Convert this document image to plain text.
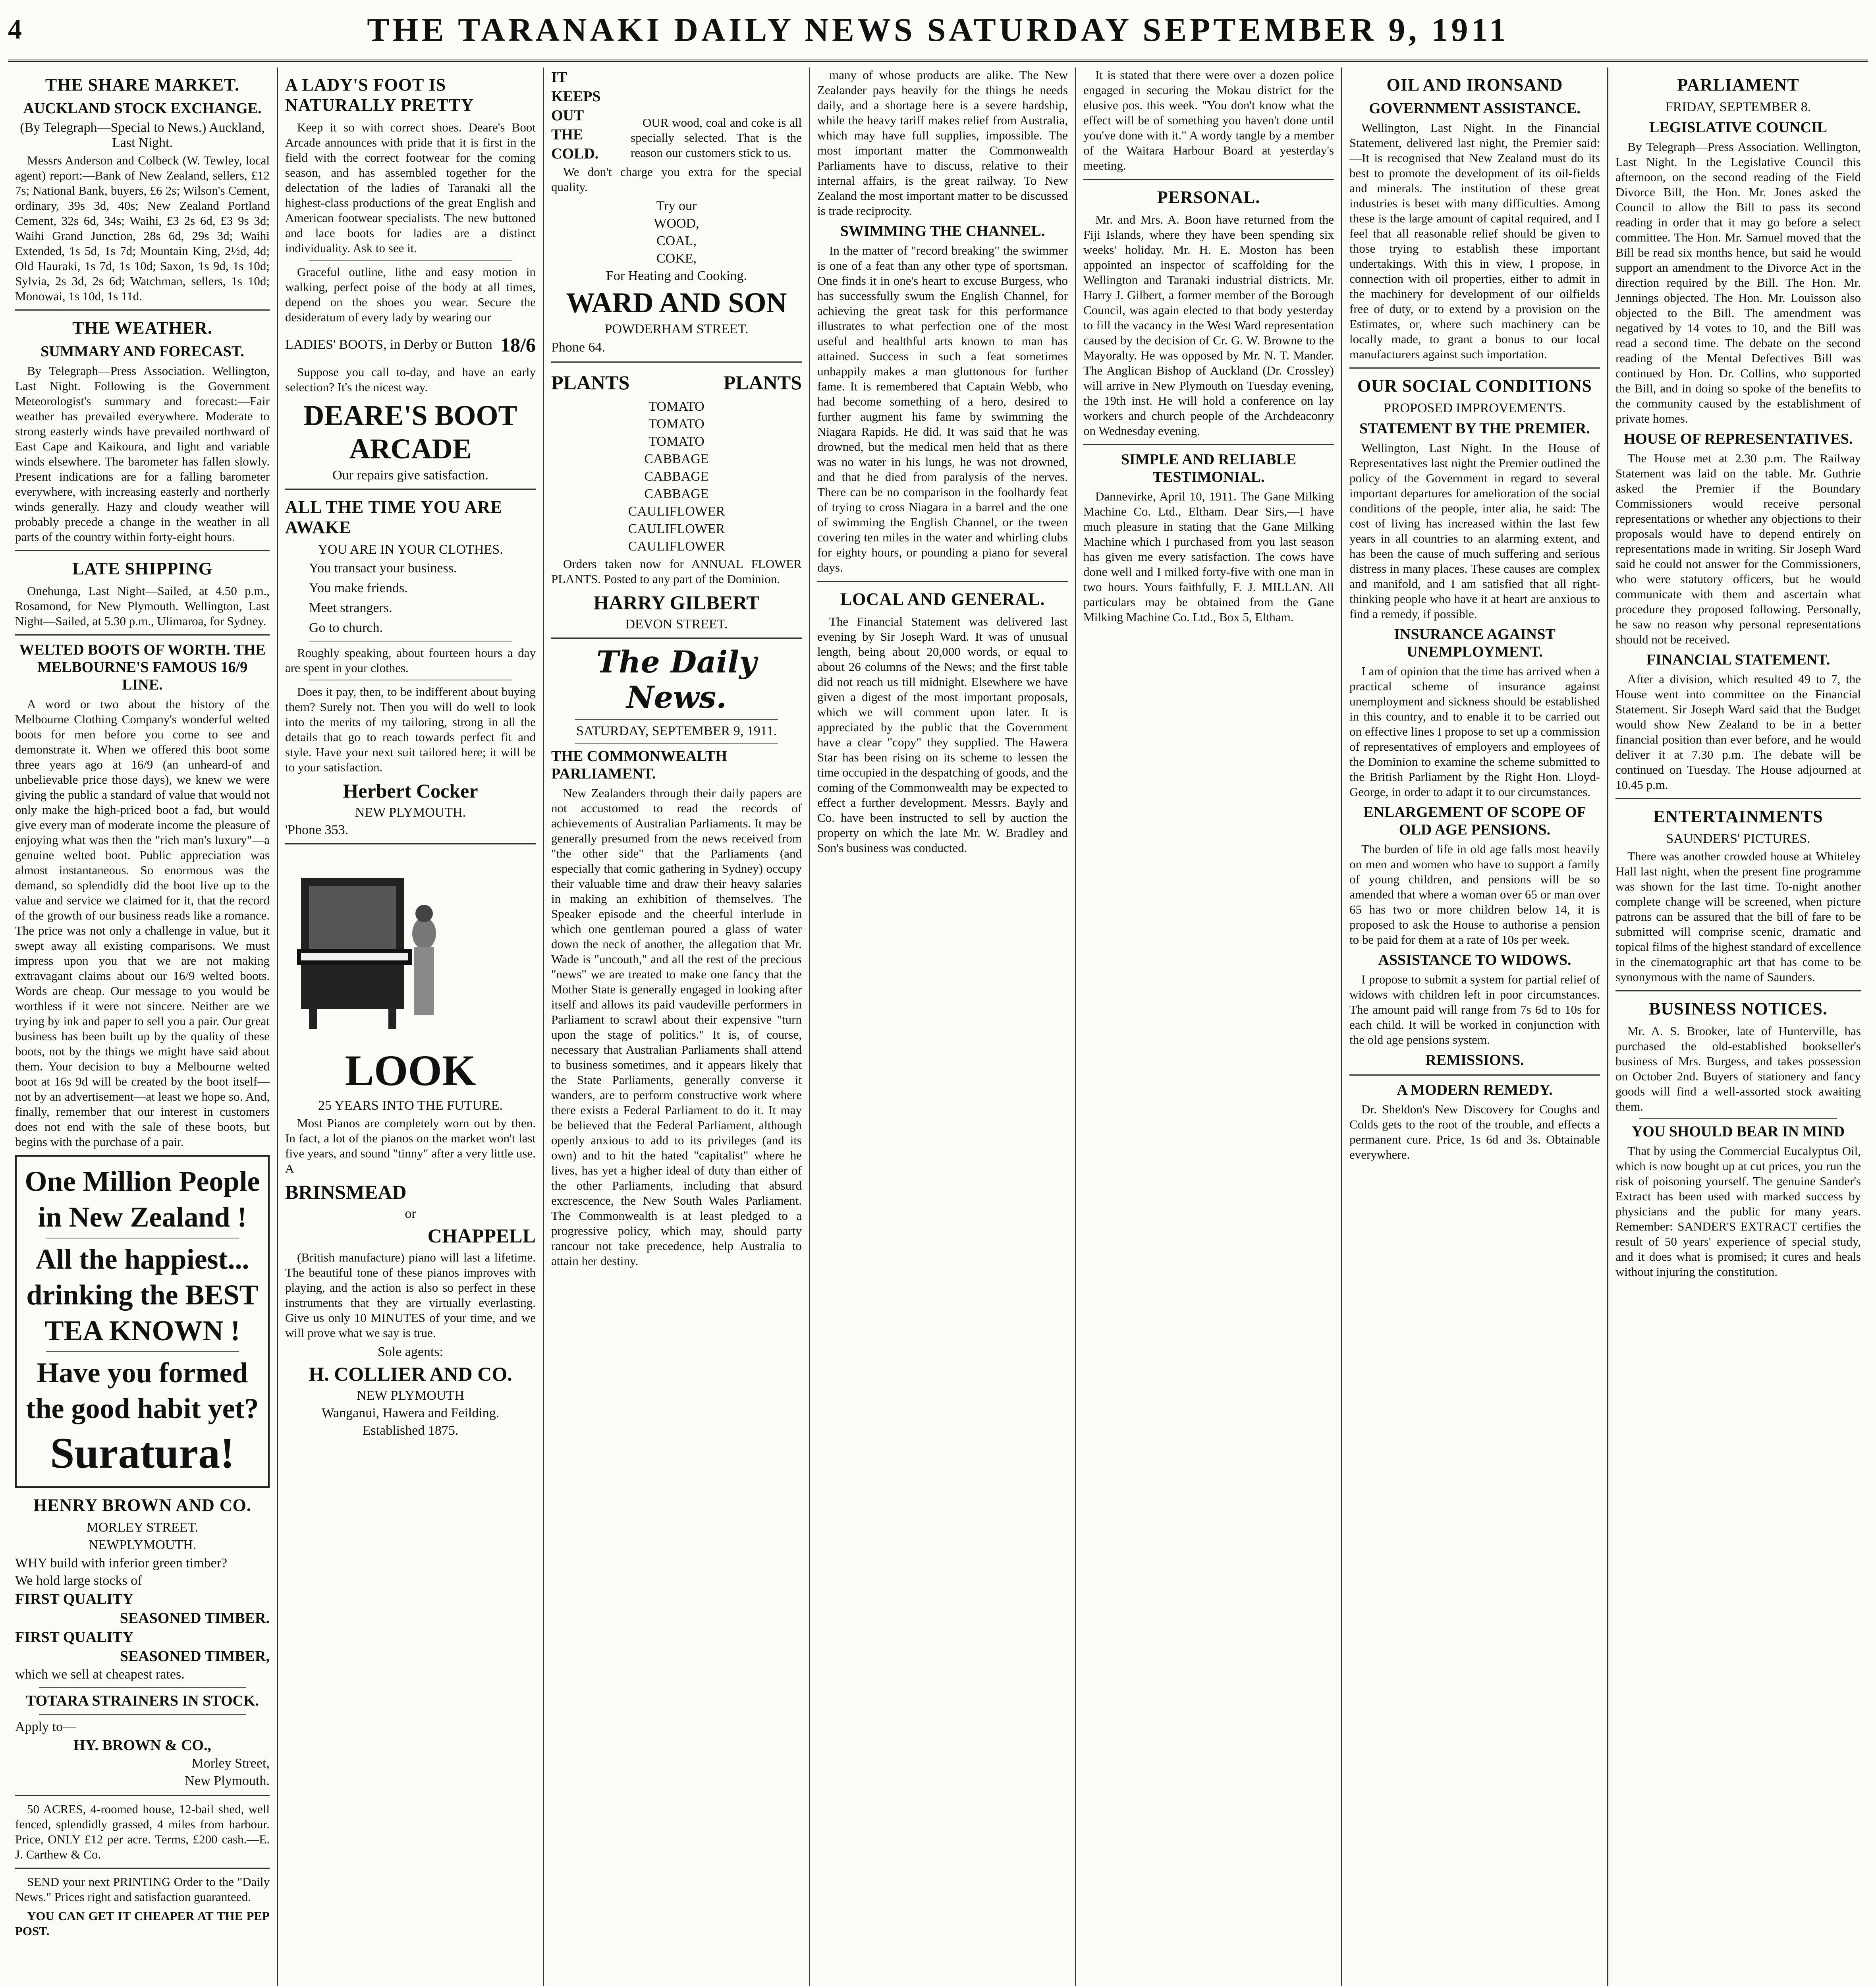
4	THE TARANAKI DAILY NEWS SATURDAY SEPTEMBER 9, 1911
THE SHARE MARKET.
AUCKLAND STOCK EXCHANGE.
(By Telegraph—Special to News.) Auckland, Last Night.

Messrs Anderson and Colbeck (W. Tewley, local agent) report:—Bank of New Zealand, sellers, £12 7s; National Bank, buyers, £6 2s; Wilson's Cement, ordinary, 39s 3d, 40s; New Zealand Portland Cement, 32s 6d, 34s; Waihi, £3 2s 6d, £3 9s 3d; Waihi Grand Junction, 28s 6d, 29s 3d; Waihi Extended, 1s 5d, 1s 7d; Mountain King, 2½d, 4d; Old Hauraki, 1s 7d, 1s 10d; Saxon, 1s 9d, 1s 10d; Sylvia, 2s 3d, 2s 6d; Watchman, sellers, 1s 10d; Monowai, 1s 10d, 1s 11d.

THE WEATHER.
SUMMARY AND FORECAST.

By Telegraph—Press Association. Wellington, Last Night. Following is the Government Meteorologist's summary and forecast:—Fair weather has prevailed everywhere. Moderate to strong easterly winds have prevailed northward of East Cape and Kaikoura, and light and variable winds elsewhere. The barometer has fallen slowly. Present indications are for a falling barometer everywhere, with increasing easterly and northerly winds generally. Hazy and cloudy weather will probably precede a change in the weather in all parts of the country within forty-eight hours.

LATE SHIPPING

Onehunga, Last Night—Sailed, at 4.50 p.m., Rosamond, for New Plymouth. Wellington, Last Night—Sailed, at 5.30 p.m., Ulimaroa, for Sydney.

WELTED BOOTS OF WORTH. THE MELBOURNE'S FAMOUS 16/9 LINE.

A word or two about the history of the Melbourne Clothing Company's wonderful welted boots for men before you come to see and demonstrate it. When we offered this boot some three years ago at 16/9 (an unheard-of and unbelievable price those days), we knew we were giving the public a standard of value that would not only make the high-priced boot a fad, but would give every man of moderate income the pleasure of enjoying what was then the "rich man's luxury"—a genuine welted boot. Public appreciation was almost instantaneous. So enormous was the demand, so splendidly did the boot live up to the value and service we claimed for it, that the record of the growth of our business reads like a romance. The price was not only a challenge in value, but it swept away all existing comparisons. We must impress upon you that we are not making extravagant claims about our 16/9 welted boots. Words are cheap. Our message to you would be worthless if it were not sincere. Neither are we trying by ink and paper to sell you a pair. Our great business has been built up by the quality of these boots, not by the things we might have said about them. Your decision to buy a Melbourne welted boot at 16s 9d will be created by the boot itself—not by an advertisement—at least we hope so. And, finally, remember that our interest in customers does not end with the sale of these boots, but begins with the purchase of a pair.

One Million People
in New Zealand !
All the happiest...
drinking the BEST
TEA KNOWN !
Have you formed
the good habit yet?
Suratura!
HENRY BROWN AND CO.
MORLEY STREET.
NEWPLYMOUTH.
WHY build with inferior green timber?
We hold large stocks of
FIRST QUALITY
SEASONED TIMBER.
FIRST QUALITY
SEASONED TIMBER,
which we sell at cheapest rates.
TOTARA STRAINERS IN STOCK.
Apply to—
HY. BROWN & CO.,
Morley Street,
New Plymouth.

50 ACRES, 4-roomed house, 12-bail shed, well fenced, splendidly grassed, 4 miles from harbour. Price, ONLY £12 per acre. Terms, £200 cash.—E. J. Carthew & Co.

SEND your next PRINTING Order to the "Daily News." Prices right and satisfaction guaranteed.

YOU CAN GET IT CHEAPER AT THE PEP POST.

A LADY'S FOOT IS NATURALLY PRETTY

Keep it so with correct shoes. Deare's Boot Arcade announces with pride that it is first in the field with the correct footwear for the coming season, and has assembled together for the delectation of the ladies of Taranaki all the highest-class productions of the great English and American footwear specialists. The new buttoned and lace boots for ladies are a distinct individuality. Ask to see it.

Graceful outline, lithe and easy motion in walking, perfect poise of the body at all times, depend on the shoes you wear. Secure the desideratum of every lady by wearing our

LADIES' BOOTS, in Derby or Button 18/6

Suppose you call to-day, and have an early selection? It's the nicest way.

DEARE'S BOOT ARCADE
Our repairs give satisfaction.
ALL THE TIME YOU ARE AWAKE
YOU ARE IN YOUR CLOTHES.
You transact your business.
You make friends.
Meet strangers.
Go to church.

Roughly speaking, about fourteen hours a day are spent in your clothes.

Does it pay, then, to be indifferent about buying them? Surely not. Then you will do well to look into the merits of my tailoring, strong in all the details that go to reach towards perfect fit and style. Have your next suit tailored here; it will be to your satisfaction.

Herbert Cocker
NEW PLYMOUTH.
'Phone 353.
LOOK
25 YEARS INTO THE FUTURE.

Most Pianos are completely worn out by then. In fact, a lot of the pianos on the market won't last five years, and sound "tinny" after a very little use. A

BRINSMEAD
or
CHAPPELL

(British manufacture) piano will last a lifetime. The beautiful tone of these pianos improves with playing, and the action is also so perfect in these instruments that they are virtually everlasting. Give us only 10 MINUTES of your time, and we will prove what we say is true.

Sole agents:
H. COLLIER AND CO.
NEW PLYMOUTH
Wanganui, Hawera and Feilding.
Established 1875.
IT
KEEPS
OUT
THE
COLD.

OUR wood, coal and coke is all specially selected. That is the reason our customers stick to us.

We don't charge you extra for the special quality.

Try our
WOOD,
COAL,
COKE,
For Heating and Cooking.
WARD AND SON
POWDERHAM STREET.
Phone 64.
PLANTS	PLANTS
TOMATO
TOMATO
TOMATO
CABBAGE
CABBAGE
CABBAGE
CAULIFLOWER
CAULIFLOWER
CAULIFLOWER

Orders taken now for ANNUAL FLOWER PLANTS. Posted to any part of the Dominion.

HARRY GILBERT
DEVON STREET.
The Daily News.
SATURDAY, SEPTEMBER 9, 1911.
THE COMMONWEALTH PARLIAMENT.

New Zealanders through their daily papers are not accustomed to read the records of achievements of Australian Parliaments. It may be generally presumed from the news received from "the other side" that the Parliaments (and especially that comic gathering in Sydney) occupy their valuable time and draw their heavy salaries in making an exhibition of themselves. The Speaker episode and the cheerful interlude in which one gentleman poured a glass of water down the neck of another, the allegation that Mr. Wade is "uncouth," and all the rest of the precious "news" we are treated to make one fancy that the Mother State is generally engaged in looking after itself and allows its paid vaudeville performers in Parliament to scrawl about their expensive "turn upon the stage of politics." It is, of course, necessary that Australian Parliaments shall attend to business sometimes, and it appears likely that the State Parliaments, generally converse it wanders, are to perform constructive work where there exists a Federal Parliament to do it. It may be believed that the Federal Parliament, although openly anxious to add to its privileges (and its own) and to hit the hated "capitalist" where he lives, has yet a higher ideal of duty than either of the other Parliaments, including that absurd excrescence, the New South Wales Parliament. The Commonwealth is at least pledged to a progressive policy, which may, should party rancour not take precedence, help Australia to attain her destiny.

many of whose products are alike. The New Zealander pays heavily for the things he needs daily, and a shortage here is a severe hardship, while the heavy tariff makes relief from Australia, which may have full supplies, impossible. The most important matter the Commonwealth Parliaments have to discuss, relative to their internal affairs, is the great railway. To New Zealand the most important matter to be discussed is trade reciprocity.

SWIMMING THE CHANNEL.

In the matter of "record breaking" the swimmer is one of a feat than any other type of sportsman. One finds it in one's heart to excuse Burgess, who has successfully swum the English Channel, for achieving the great task for this performance illustrates to what perfection one of the most useful and healthful arts known to man has attained. Success in such a feat sometimes unhappily makes a man gluttonous for further fame. It is remembered that Captain Webb, who had become something of a hero, desired to further augment his fame by swimming the Niagara Rapids. He did. It was said that he was drowned, but the medical men held that as there was no water in his lungs, he was not drowned, and that he died from paralysis of the nerves. There can be no comparison in the foolhardy feat of trying to cross Niagara in a barrel and the one of swimming the English Channel, or the tween covering ten miles in the water and whirling clubs for eighty hours, or pounding a piano for several days.

LOCAL AND GENERAL.

The Financial Statement was delivered last evening by Sir Joseph Ward. It was of unusual length, being about 20,000 words, or equal to about 26 columns of the News; and the first table did not reach us till midnight. Elsewhere we have given a digest of the most important proposals, which we will comment upon later. It is appreciated by the public that the Government have a clear "copy" they supplied. The Hawera Star has been rising on its scheme to lessen the time occupied in the despatching of goods, and the coming of the Commonwealth may be expected to effect a further development. Messrs. Bayly and Co. have been instructed to sell by auction the property on which the late Mr. W. Bradley and Son's business was conducted.

It is stated that there were over a dozen police engaged in securing the Mokau district for the elusive pos. this week. "You don't know what the effect will be of something you haven't done until you've done with it." A wordy tangle by a member of the Waitara Harbour Board at yesterday's meeting.

PERSONAL.

Mr. and Mrs. A. Boon have returned from the Fiji Islands, where they have been spending six weeks' holiday. Mr. H. E. Moston has been appointed an inspector of scaffolding for the Wellington and Taranaki industrial districts. Mr. Harry J. Gilbert, a former member of the Borough Council, was again elected to that body yesterday to fill the vacancy in the West Ward representation caused by the decision of Cr. G. W. Browne to the Mayoralty. He was opposed by Mr. N. T. Mander. The Anglican Bishop of Auckland (Dr. Crossley) will arrive in New Plymouth on Tuesday evening, the 19th inst. He will hold a conference on lay workers and church people of the Archdeaconry on Wednesday evening.

SIMPLE AND RELIABLE TESTIMONIAL.

Dannevirke, April 10, 1911. The Gane Milking Machine Co. Ltd., Eltham. Dear Sirs,—I have much pleasure in stating that the Gane Milking Machine which I purchased from you last season has given me every satisfaction. The cows have done well and I milked forty-five with one man in two hours. Yours faithfully, F. J. MILLAN. All particulars may be obtained from the Gane Milking Machine Co. Ltd., Box 5, Eltham.

OIL AND IRONSAND
GOVERNMENT ASSISTANCE.

Wellington, Last Night. In the Financial Statement, delivered last night, the Premier said:—It is recognised that New Zealand must do its best to promote the development of its oil-fields and minerals. The institution of these great industries is beset with many difficulties. Among these is the large amount of capital required, and I feel that all reasonable relief should be given to those trying to establish these important undertakings. With this in view, I propose, in connection with oil properties, either to admit in the machinery for development of our oilfields free of duty, or to extend by a provision on the Estimates, or, where such machinery can be locally made, to grant a bonus to our local manufacturers against such importation.

OUR SOCIAL CONDITIONS
PROPOSED IMPROVEMENTS.
STATEMENT BY THE PREMIER.

Wellington, Last Night. In the House of Representatives last night the Premier outlined the policy of the Government in regard to several important departures for amelioration of the social conditions of the people, inter alia, he said: The cost of living has increased within the last few years in all countries to an alarming extent, and has been the cause of much suffering and serious distress in many places. These causes are complex and manifold, and I am satisfied that all right-thinking people who have it at heart are anxious to find a remedy, if possible.

INSURANCE AGAINST UNEMPLOYMENT.

I am of opinion that the time has arrived when a practical scheme of insurance against unemployment and sickness should be established in this country, and to enable it to be carried out on effective lines I propose to set up a commission of representatives of employers and employees of the Dominion to examine the scheme submitted to the British Parliament by the Right Hon. Lloyd-George, in order to adapt it to our circumstances.

ENLARGEMENT OF SCOPE OF OLD AGE PENSIONS.

The burden of life in old age falls most heavily on men and women who have to support a family of young children, and pensions will be so amended that where a woman over 65 or man over 65 has two or more children below 14, it is proposed to ask the House to authorise a pension to be paid for them at a rate of 10s per week.

ASSISTANCE TO WIDOWS.

I propose to submit a system for partial relief of widows with children left in poor circumstances. The amount paid will range from 7s 6d to 10s for each child. It will be worked in conjunction with the old age pensions system.

REMISSIONS.
A MODERN REMEDY.

Dr. Sheldon's New Discovery for Coughs and Colds gets to the root of the trouble, and effects a permanent cure. Price, 1s 6d and 3s. Obtainable everywhere.

PARLIAMENT
FRIDAY, SEPTEMBER 8.
LEGISLATIVE COUNCIL

By Telegraph—Press Association. Wellington, Last Night. In the Legislative Council this afternoon, on the second reading of the Field Divorce Bill, the Hon. Mr. Jones asked the Council to allow the Bill to pass its second reading in order that it may go before a select committee. The Hon. Mr. Samuel moved that the Bill be read six months hence, but said he would support an amendment to the Divorce Act in the direction required by the Bill. The Hon. Mr. Jennings objected. The Hon. Mr. Louisson also objected to the Bill. The amendment was negatived by 14 votes to 10, and the Bill was read a second time. The debate on the second reading of the Mental Defectives Bill was continued by Hon. Dr. Collins, who supported the Bill, and in doing so spoke of the benefits to the community caused by the establishment of private homes.

HOUSE OF REPRESENTATIVES.

The House met at 2.30 p.m. The Railway Statement was laid on the table. Mr. Guthrie asked the Premier if the Boundary Commissioners would receive personal representations or whether any objections to their proposals would have to depend entirely on representations made in writing. Sir Joseph Ward said he could not answer for the Commissioners, who were statutory officers, but he would communicate with them and ascertain what procedure they proposed following. Personally, he saw no reason why personal representations should not be received.

FINANCIAL STATEMENT.

After a division, which resulted 49 to 7, the House went into committee on the Financial Statement. Sir Joseph Ward said that the Budget would show New Zealand to be in a better financial position than ever before, and he would deliver it at 7.30 p.m. The debate will be continued on Tuesday. The House adjourned at 10.45 p.m.

ENTERTAINMENTS
SAUNDERS' PICTURES.

There was another crowded house at Whiteley Hall last night, when the present fine programme was shown for the last time. To-night another complete change will be screened, when picture patrons can be assured that the bill of fare to be submitted will comprise scenic, dramatic and topical films of the highest standard of excellence in the cinematographic art that has come to be synonymous with the name of Saunders.

BUSINESS NOTICES.

Mr. A. S. Brooker, late of Hunterville, has purchased the old-established bookseller's business of Mrs. Burgess, and takes possession on October 2nd. Buyers of stationery and fancy goods will find a well-assorted stock awaiting them.

YOU SHOULD BEAR IN MIND

That by using the Commercial Eucalyptus Oil, which is now bought up at cut prices, you run the risk of poisoning yourself. The genuine Sander's Extract has been used with marked success by physicians and the public for many years. Remember: SANDER'S EXTRACT certifies the result of 50 years' experience of special study, and it does what is promised; it cures and heals without injuring the constitution.
